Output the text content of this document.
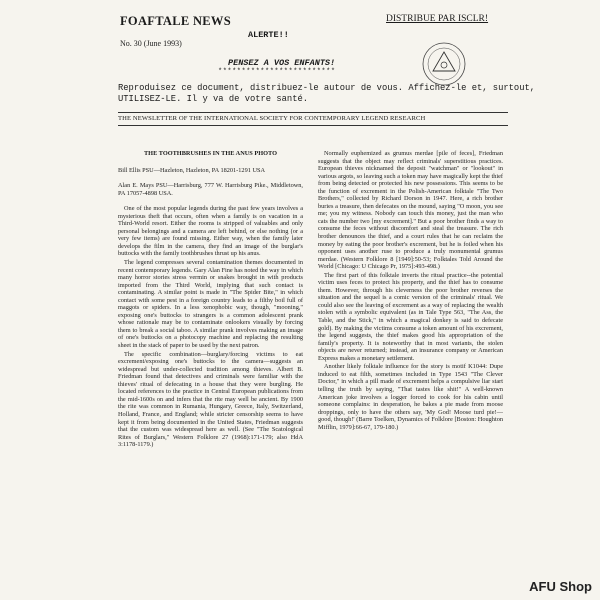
FOAFTALE NEWS
No. 30 (June 1993)
ALERTE!!
DISTRIBUE PAR ISCLR!
PENSEZ A VOS ENFANTS!
*************************
Reproduisez ce document, distribuez-le autour de vous. Affichez-le et, surtout, UTILISEZ-LE. Il y va de votre santé.
THE NEWSLETTER OF THE INTERNATIONAL SOCIETY FOR CONTEMPORARY LEGEND RESEARCH
THE TOOTHBRUSHES IN THE ANUS PHOTO
Bill Ellis PSU—Hazleton, Hazleton, PA 18201-1291 USA
Alan E. Mays PSU—Harrisburg, 777 W. Harrisburg Pike., Middletown, PA 17057-4898 USA.

One of the most popular legends during the past few years involves a mysterious theft that occurs, often when a family is on vacation in a Third-World resort. Either the rooms is stripped of valuables and only personal belongings and a camera are left behind, or else nothing (or a very few items) are found missing. Either way, when the family later develops the film in the camera, they find an image of the burglar's buttocks with the family toothbrushes thrust up his anus.

The legend compresses several contamination themes documented in recent contemporary legends. Gary Alan Fine has noted the way in which many horror stories stress vermin or snakes brought in with products imported from the Third World, implying that such contact is contaminating. A similar point is made in "The Spider Bite," in which contact with some pest in a foreign country leads to a filthy boil full of maggots or spiders. In a less xenophobic way, though, "mooning," exposing one's buttocks to strangers is a common adolescent prank whose rationale may be to contaminate onlookers visually by forcing them to break a social taboo. A similar prank involves making an image of one's buttocks on a photocopy machine and replacing the resulting sheet in the stack of paper to be used by the next patron.

The specific combination—burglary/forcing victims to eat excrement/exposing one's buttocks to the camera—suggests an widespread but under-collected tradition among thieves. Albert B. Friedman found that detectives and criminals were familiar with the thieves' ritual of defecating in a house that they were burgling. He located references to the practice in Central European publications from the mid-1600s on and infers that the rite may well be ancient. By 1900 the rite was common in Rumania, Hungary, Greece, Italy, Switzerland, Holland, France, and England; while stricter censorship seems to have kept it from being documented in the United States, Friedman suggests that the custom was widespread here as well. (See "The Scatological Rites of Burglars," Western Folklore 27 (1968):171-179; also HdA 3:1178-1179.)

Normally euphemized as grumus merdae [pile of feces], Friedman suggests that the object may reflect criminals' superstitious practices. European thieves nicknamed the deposit "watchman" or "lookout" in various argots, so leaving such a token may have magically kept the thief from being detected or protected his new possessions. This seems to be the function of excrement in the Polish-American folktale "The Two Brothers," collected by Richard Dorson in 1947. Here, a rich brother buries a treasure, then defecates on the mound, saying "O moon, you see me; you my witness. Nobody can touch this money, just the man who cats the number two [my excrement]." But a poor brother finds a way to consume the feces without discomfort and steal the treasure. The rich brother denounces the thief, and a court rules that he can reclaim the money by eating the poor brother's excrement, but he is foiled when his opponent uses another ruse to produce a truly monumental grumus merdae. (Western Folklore 8 [1949]:50-53; Folktales Told Around the World [Chicago: U Chicago Pr, 1975]:493-498.)

The first part of this folktale inverts the ritual practice--the potential victim uses feces to protect his property, and the thief has to consume them. However, through his cleverness the poor brother reverses the situation and the sequel is a comic version of the criminals' ritual. We could also see the leaving of excrement as a way of replacing the wealth stolen with a symbolic equivalent (as in Tale Type 563, "The Ass, the Table, and the Stick," in which a magical donkey is said to defecate gold). By making the victims consume a token amount of his excrement, the legend suggests, the thief makes good his appropriation of the family's property. It is noteworthy that in most variants, the stolen objects are never returned; instead, an insurance company or American Express makes a monetary settlement.

Another likely folktale influence for the story is motif K1044: Dupe induced to eat filth, sometimes included in Type 1543 "The Clever Doctor," in which a pill made of excrement helps a compulsive liar start telling the truth by saying, "That tastes like shit!" A well-known American joke involves a logger forced to cook for his cabin until someone complains: in desperation, he bakes a pie made from moose droppings, only to have the others say, 'My God! Moose turd pie!—good, though!' (Barre Toelken, Dynamics of Folklore [Boston: Houghton Mifflin, 1979]:66-67, 179-180.)

AFU Shop
